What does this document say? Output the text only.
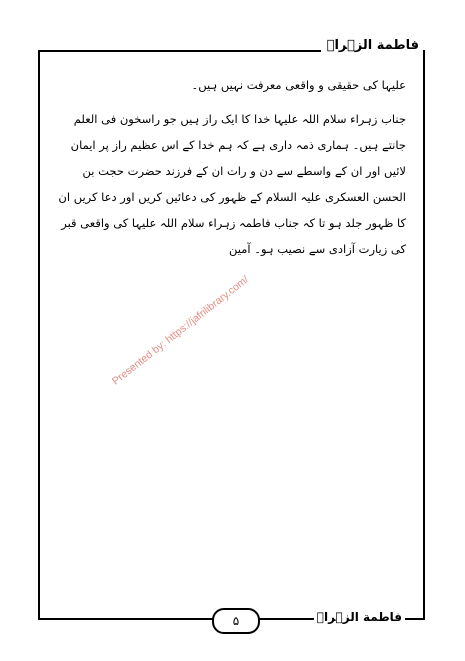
فاطمة الزہراؑ

علیہا کی حقیقی و واقعی معرفت نہیں ہیں۔

جناب زہراء سلام اللہ علیہا خدا کا ایک راز ہیں جو راسخون فی العلم جانتے ہیں۔ ہماری ذمہ داری ہے کہ ہم خدا کے اس عظیم راز پر ایمان لائیں اور ان کے واسطے سے دن و رات ان کے فرزند حضرت حجت بن الحسن العسکری علیہ السلام کے ظہور کی دعائیں کریں اور دعا کریں ان کا ظہور جلد ہو تا کہ جناب فاطمہ زہراء سلام اللہ علیہا کی واقعی قبر کی زیارت آزادی سے نصیب ہو۔ آمین

Presented by: https://jafrilibrary.com/
۵	فاطمة الزہراؑ
